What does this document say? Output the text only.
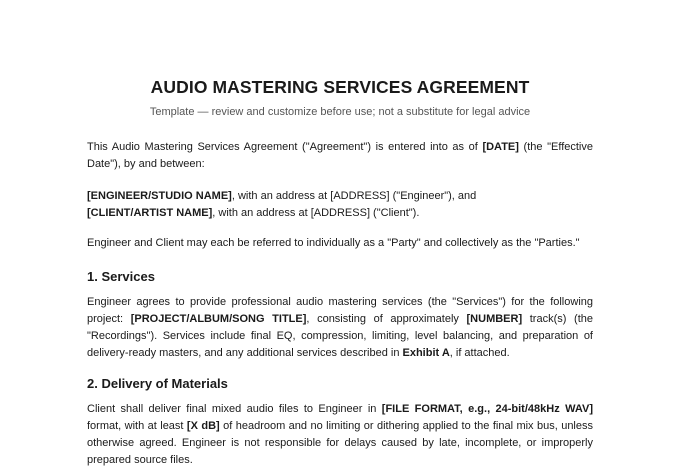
AUDIO MASTERING SERVICES AGREEMENT

Template — review and customize before use; not a substitute for legal advice

This Audio Mastering Services Agreement ("Agreement") is entered into as of [DATE] (the "Effective Date"), by and between:

[ENGINEER/STUDIO NAME], with an address at [ADDRESS] ("Engineer"), and
[CLIENT/ARTIST NAME], with an address at [ADDRESS] ("Client").

Engineer and Client may each be referred to individually as a "Party" and collectively as the "Parties."

1. Services

Engineer agrees to provide professional audio mastering services (the "Services") for the following project: [PROJECT/ALBUM/SONG TITLE], consisting of approximately [NUMBER] track(s) (the "Recordings"). Services include final EQ, compression, limiting, level balancing, and preparation of delivery-ready masters, and any additional services described in Exhibit A, if attached.

2. Delivery of Materials

Client shall deliver final mixed audio files to Engineer in [FILE FORMAT, e.g., 24-bit/48kHz WAV] format, with at least [X dB] of headroom and no limiting or dithering applied to the final mix bus, unless otherwise agreed. Engineer is not responsible for delays caused by late, incomplete, or improperly prepared source files.
